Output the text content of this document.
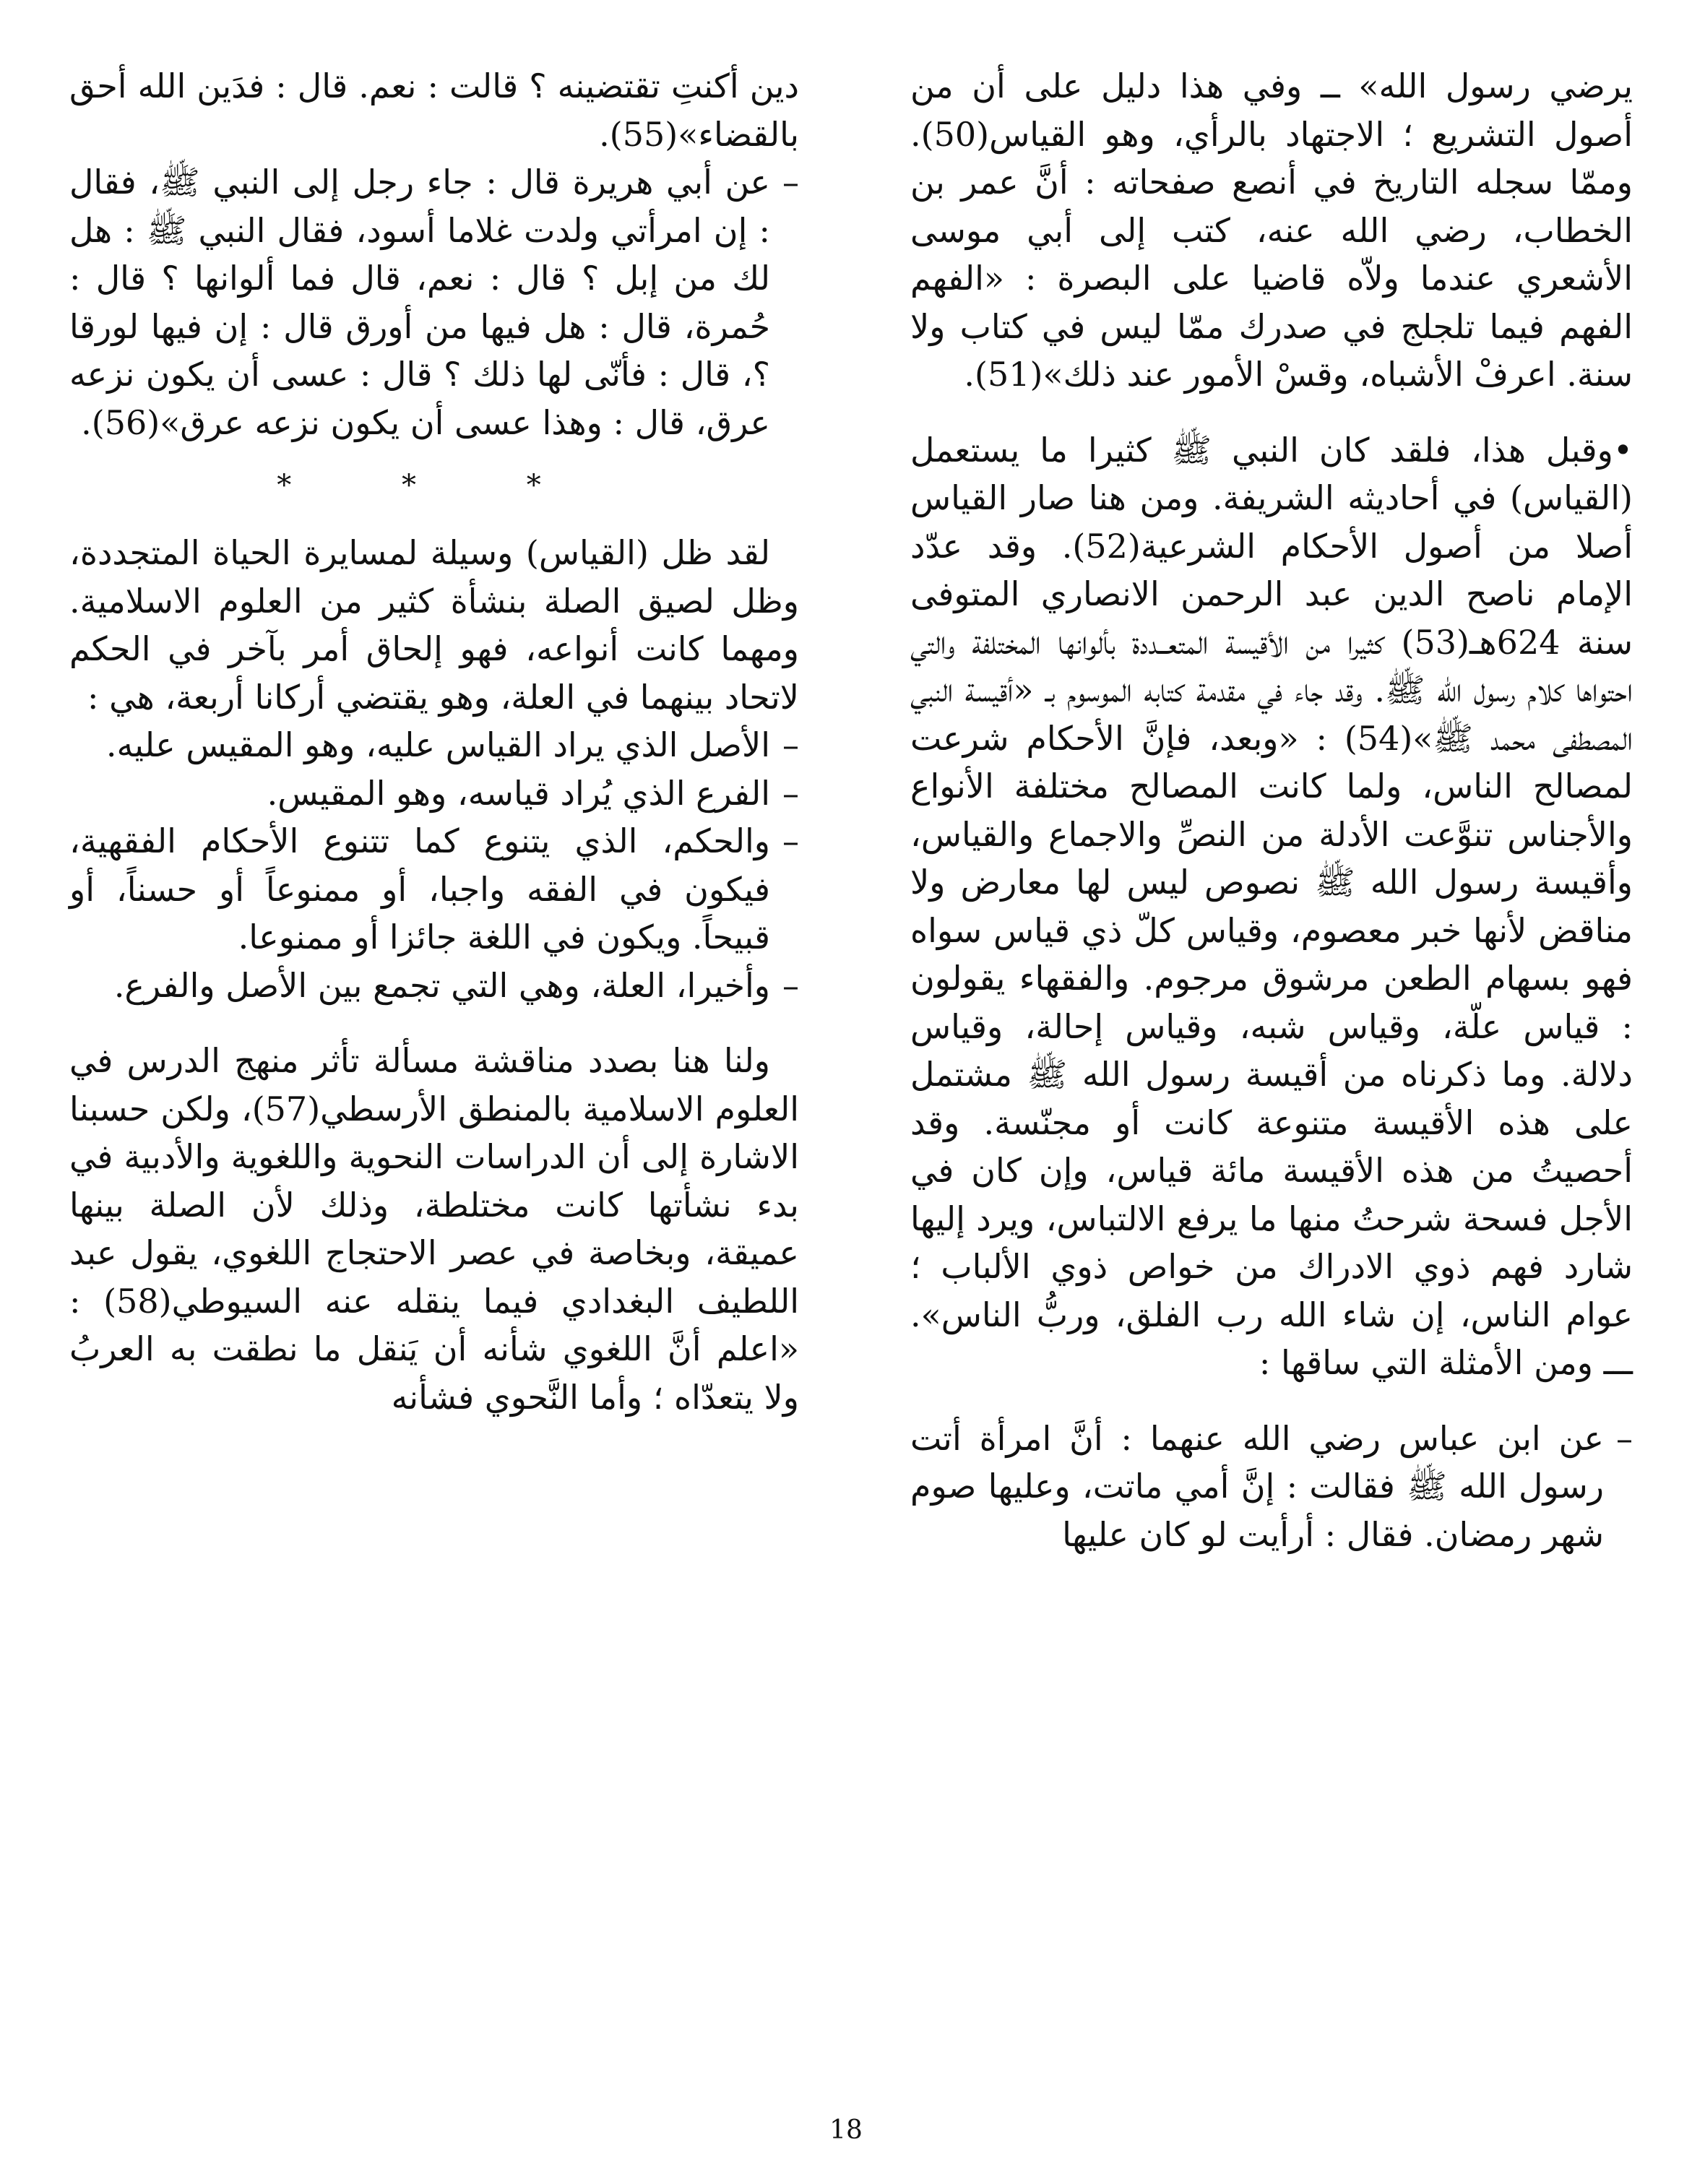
يرضي رسول الله» ــ وفي هذا دليل على أن من أصول التشريع ؛ الاجتهاد بالرأي، وهو القياس(50). وممّا سجله التاريخ في أنصع صفحاته : أنَّ عمر بن الخطاب، رضي الله عنه، كتب إلى أبي موسى الأشعري عندما ولاّه قاضيا على البصرة : «الفهم الفهم فيما تلجلج في صدرك ممّا ليس في كتاب ولا سنة. اعرفْ الأشباه، وقسْ الأمور عند ذلك»(51).

•وقبل هذا، فلقد كان النبي ﷺ كثيرا ما يستعمل (القياس) في أحاديثه الشريفة. ومن هنا صار القياس أصلا من أصول الأحكام الشرعية(52). وقد عدّد الإمام ناصح الدين عبد الرحمن الانصاري المتوفى سنة 624هـ(53) كثيرا من الأقيسة المتعــددة بألوانها المختلفة والتي احتواها كلام رسول الله ﷺ. وقد جاء في مقدمة كتابه الموسوم بـ «أقيسة النبي المصطفى محمد ﷺ»(54) : «وبعد، فإنَّ الأحكام شرعت لمصالح الناس، ولما كانت المصالح مختلفة الأنواع والأجناس تنوَّعت الأدلة من النصِّ والاجماع والقياس، وأقيسة رسول الله ﷺ نصوص ليس لها معارض ولا مناقض لأنها خبر معصوم، وقياس كلّ ذي قياس سواه فهو بسهام الطعن مرشوق مرجوم. والفقهاء يقولون : قياس علّة، وقياس شبه، وقياس إحالة، وقياس دلالة. وما ذكرناه من أقيسة رسول الله ﷺ مشتمل على هذه الأقيسة متنوعة كانت أو مجنّسة. وقد أحصيتُ من هذه الأقيسة مائة قياس، وإن كان في الأجل فسحة شرحتُ منها ما يرفع الالتباس، ويرد إليها شارد فهم ذوي الادراك من خواص ذوي الألباب ؛ عوام الناس، إن شاء الله رب الفلق، وربُّ الناس». ـــ ومن الأمثلة التي ساقها :

– عن ابن عباس رضي الله عنهما : أنَّ امرأة أتت رسول الله ﷺ فقالت : إنَّ أمي ماتت، وعليها صوم شهر رمضان. فقال : أرأيت لو كان عليها

دين أكنتِ تقتضينه ؟ قالت : نعم. قال : فدَين الله أحق بالقضاء»(55).

– عن أبي هريرة قال : جاء رجل إلى النبي ﷺ، فقال : إن امرأتي ولدت غلاما أسود، فقال النبي ﷺ : هل لك من إبل ؟ قال : نعم، قال فما ألوانها ؟ قال : حُمرة، قال : هل فيها من أورق قال : إن فيها لورقا ؟، قال : فأنّى لها ذلك ؟ قال : عسى أن يكون نزعه عرق، قال : وهذا عسى أن يكون نزعه عرق»(56).
* * *

لقد ظل (القياس) وسيلة لمسايرة الحياة المتجددة، وظل لصيق الصلة بنشأة كثير من العلوم الاسلامية. ومهما كانت أنواعه، فهو إلحاق أمر بآخر في الحكم لاتحاد بينهما في العلة، وهو يقتضي أركانا أربعة، هي :

– الأصل الذي يراد القياس عليه، وهو المقيس عليه.
– الفرع الذي يُراد قياسه، وهو المقيس.
– والحكم، الذي يتنوع كما تتنوع الأحكام الفقهية، فيكون في الفقه واجبا، أو ممنوعاً أو حسناً، أو قبيحاً. ويكون في اللغة جائزا أو ممنوعا.
– وأخيرا، العلة، وهي التي تجمع بين الأصل والفرع.

ولنا هنا بصدد مناقشة مسألة تأثر منهج الدرس في العلوم الاسلامية بالمنطق الأرسطي(57)، ولكن حسبنا الاشارة إلى أن الدراسات النحوية واللغوية والأدبية في بدء نشأتها كانت مختلطة، وذلك لأن الصلة بينها عميقة، وبخاصة في عصر الاحتجاج اللغوي، يقول عبد اللطيف البغدادي فيما ينقله عنه السيوطي(58) : «اعلم أنَّ اللغوي شأنه أن يَنقل ما نطقت به العربُ ولا يتعدّاه ؛ وأما النَّحوي فشأنه

18
